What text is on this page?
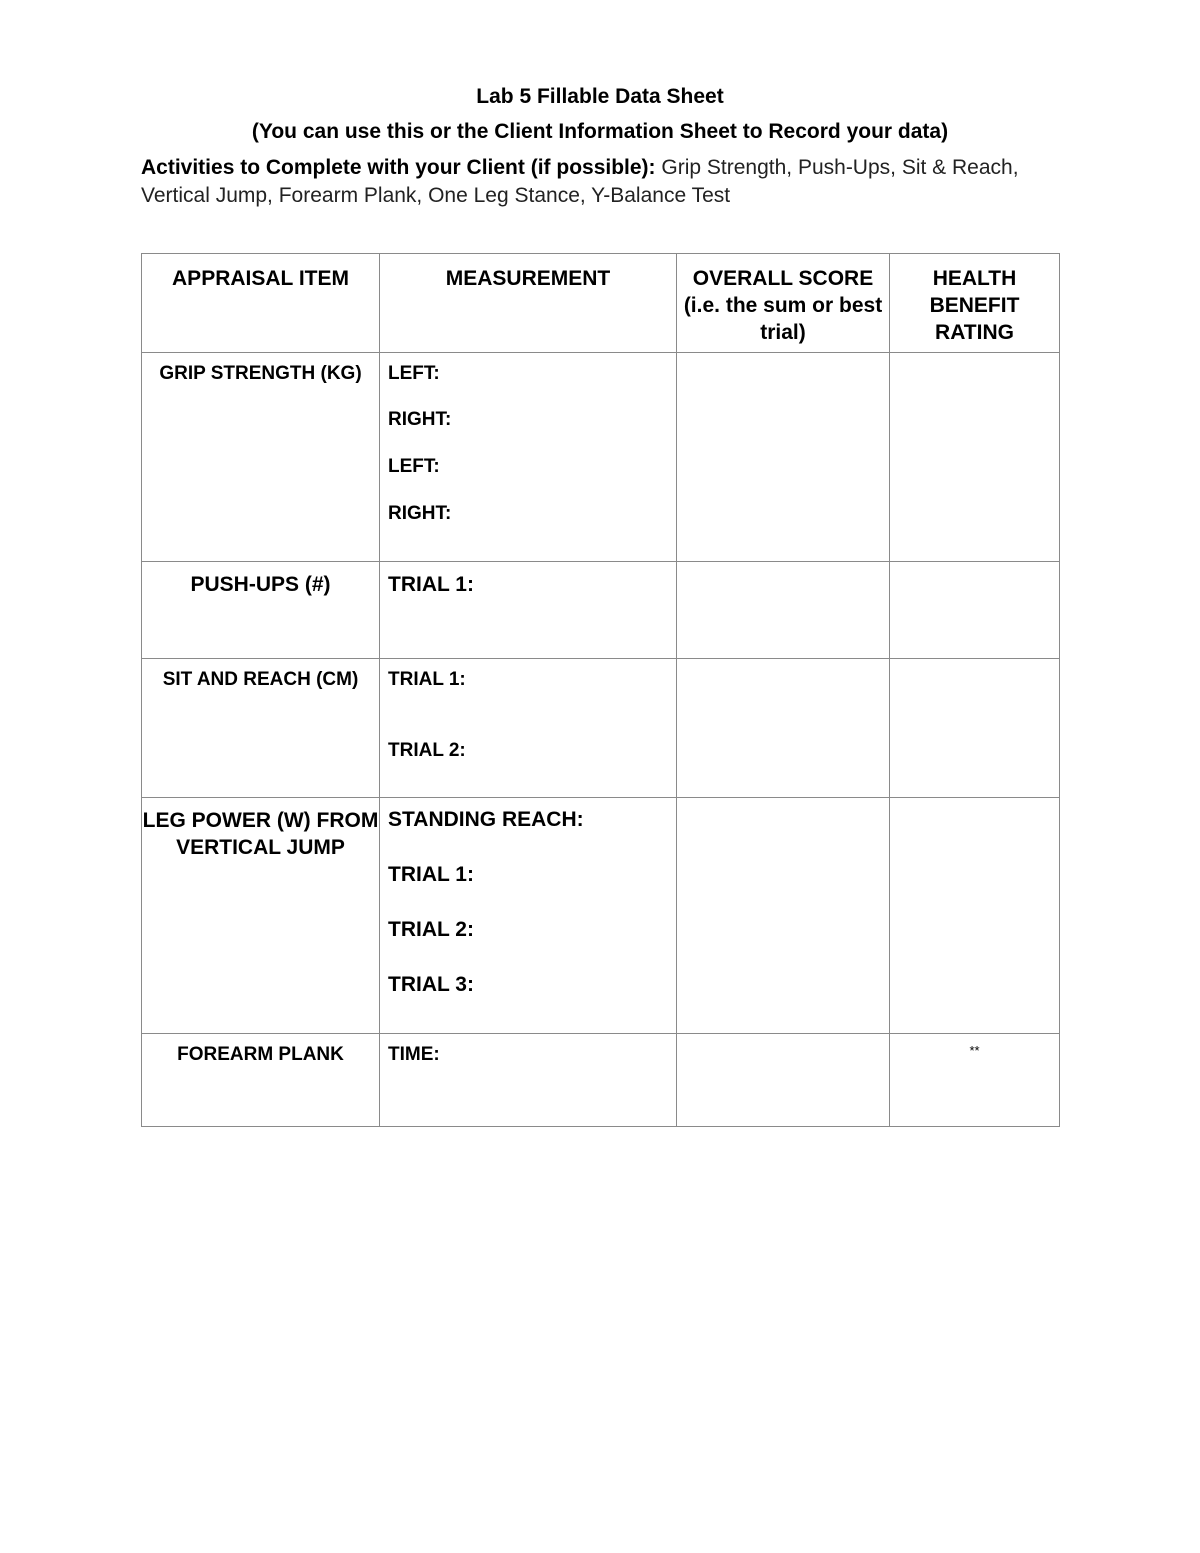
Lab 5 Fillable Data Sheet
(You can use this or the Client Information Sheet to Record your data)
Activities to Complete with your Client (if possible): Grip Strength, Push-Ups, Sit & Reach, Vertical Jump, Forearm Plank, One Leg Stance, Y-Balance Test
APPRAISAL ITEM	MEASUREMENT	OVERALL SCORE (i.e. the sum or best trial)	HEALTH BENEFIT RATING
GRIP STRENGTH (KG)	LEFT:
RIGHT:
LEFT:
RIGHT:		

PUSH-UPS (#)	TRIAL 1:		

SIT AND REACH (CM)	TRIAL 1:
TRIAL 2:		

LEG POWER (W) FROM VERTICAL JUMP	STANDING REACH:
TRIAL 1:
TRIAL 2:
TRIAL 3:		

FOREARM PLANK	TIME:		**
